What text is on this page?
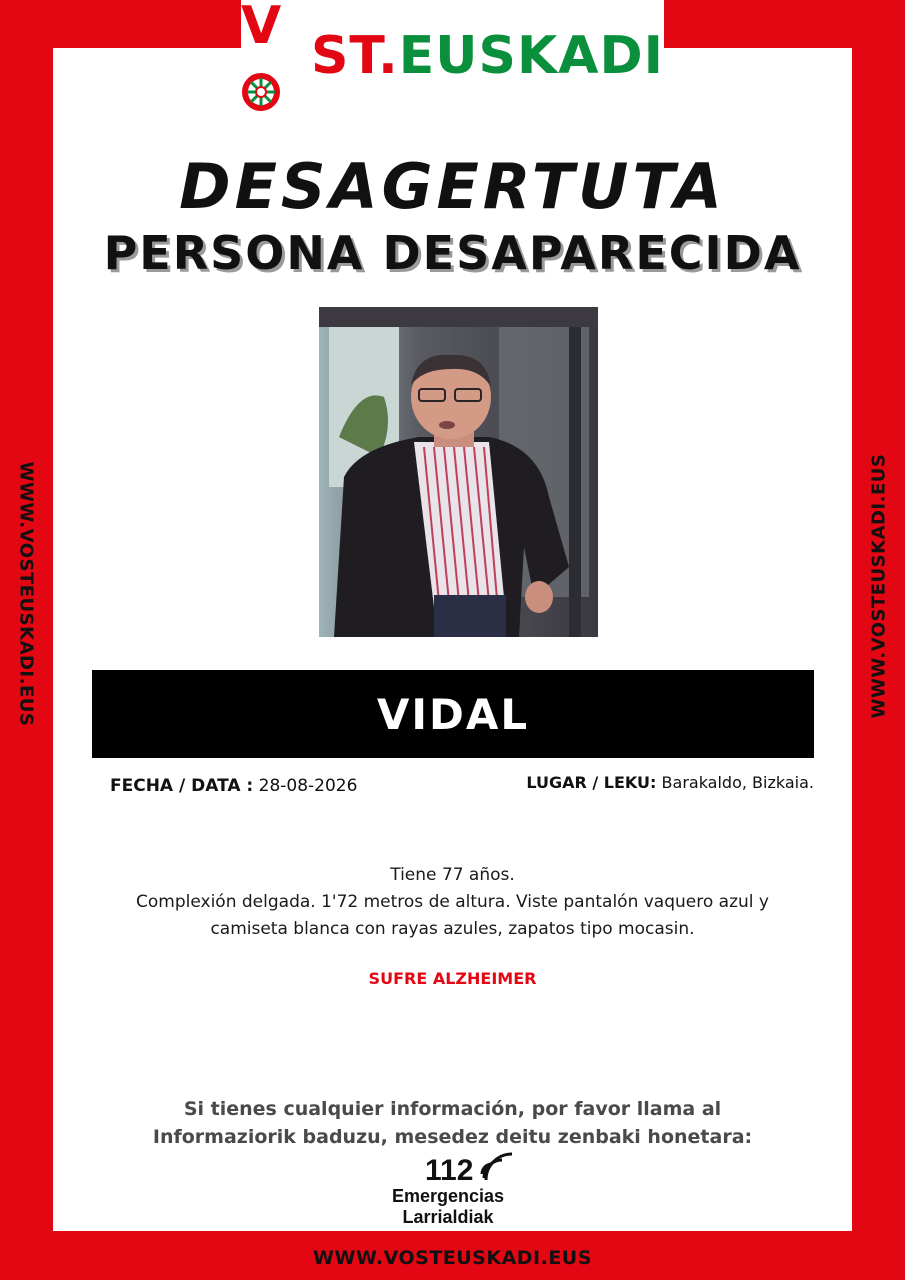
V ST. EUSKADI
DESAGERTUTA
PERSONA DESAPARECIDA
VIDAL
FECHA / DATA : 28-08-2026	LUGAR / LEKU: Barakaldo, Bizkaia.
Tiene 77 años.
Complexión delgada. 1'72 metros de altura. Viste pantalón vaquero azul y
camiseta blanca con rayas azules, zapatos tipo mocasin.
SUFRE ALZHEIMER
Si tienes cualquier información, por favor llama al
Informaziorik baduzu, mesedez deitu zenbaki honetara:
112
Emergencias
Larrialdiak
WWW.VOSTEUSKADI.EUS	WWW.VOSTEUSKADI.EUS
WWW.VOSTEUSKADI.EUS
